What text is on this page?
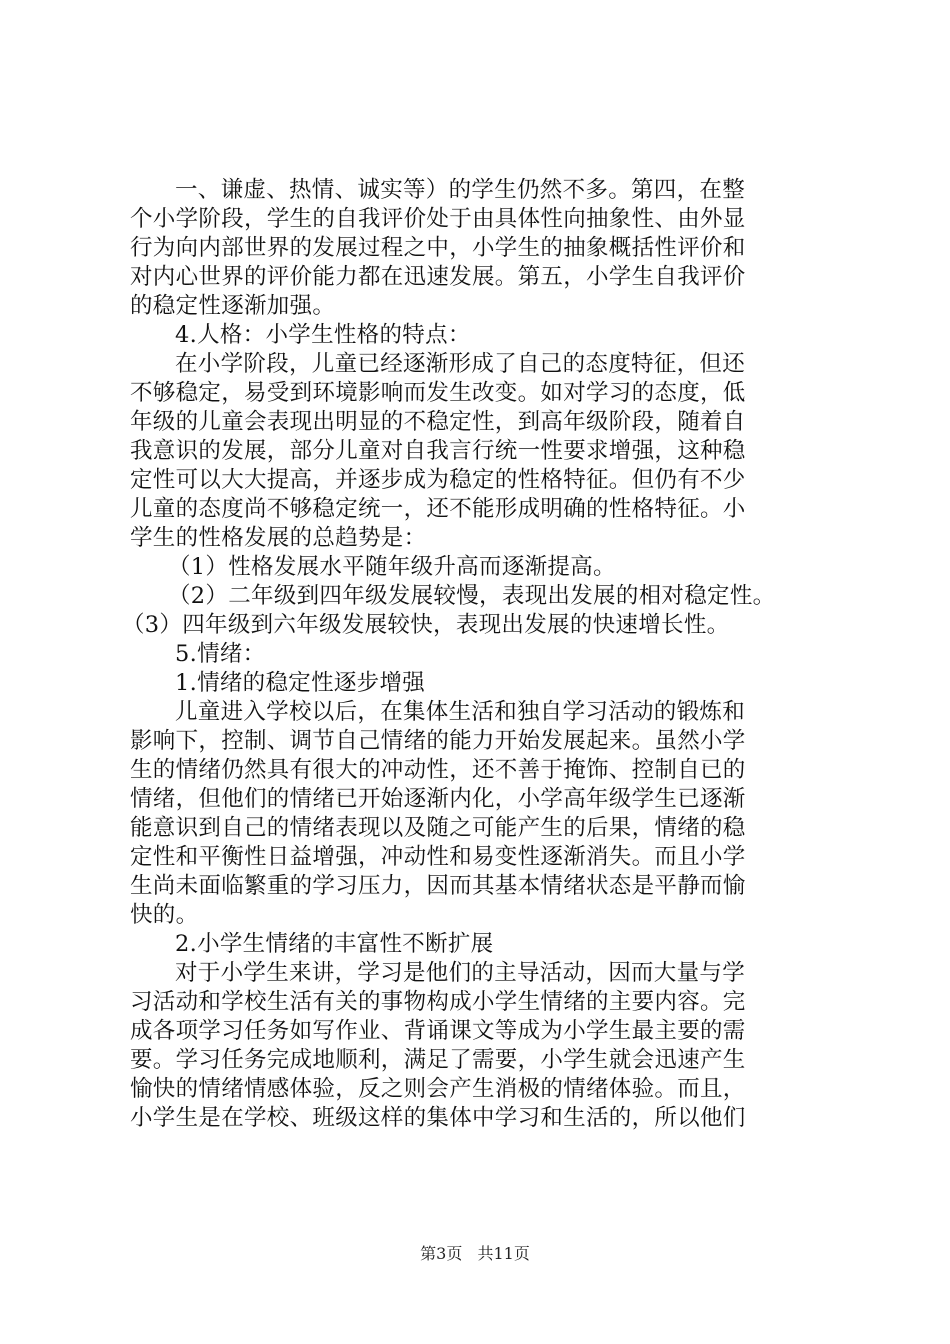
一、谦虚、热情、诚实等）的学生仍然不多。第四，在整
个小学阶段，学生的自我评价处于由具体性向抽象性、由外显
行为向内部世界的发展过程之中，小学生的抽象概括性评价和
对内心世界的评价能力都在迅速发展。第五，小学生自我评价
的稳定性逐渐加强。
4.人格：小学生性格的特点：
在小学阶段，儿童已经逐渐形成了自己的态度特征，但还
不够稳定，易受到环境影响而发生改变。如对学习的态度，低
年级的儿童会表现出明显的不稳定性，到高年级阶段，随着自
我意识的发展，部分儿童对自我言行统一性要求增强，这种稳
定性可以大大提高，并逐步成为稳定的性格特征。但仍有不少
儿童的态度尚不够稳定统一，还不能形成明确的性格特征。小
学生的性格发展的总趋势是：
（1）性格发展水平随年级升高而逐渐提高。
（2）二年级到四年级发展较慢，表现出发展的相对稳定性。
（3）四年级到六年级发展较快，表现出发展的快速增长性。
5.情绪：
1.情绪的稳定性逐步增强
儿童进入学校以后，在集体生活和独自学习活动的锻炼和
影响下，控制、调节自己情绪的能力开始发展起来。虽然小学
生的情绪仍然具有很大的冲动性，还不善于掩饰、控制自已的
情绪，但他们的情绪已开始逐渐内化，小学高年级学生已逐渐
能意识到自己的情绪表现以及随之可能产生的后果，情绪的稳
定性和平衡性日益增强，冲动性和易变性逐渐消失。而且小学
生尚未面临繁重的学习压力，因而其基本情绪状态是平静而愉
快的。
2.小学生情绪的丰富性不断扩展
对于小学生来讲，学习是他们的主导活动，因而大量与学
习活动和学校生活有关的事物构成小学生情绪的主要内容。完
成各项学习任务如写作业、背诵课文等成为小学生最主要的需
要。学习任务完成地顺利，满足了需要，小学生就会迅速产生
愉快的情绪情感体验，反之则会产生消极的情绪体验。而且，
小学生是在学校、班级这样的集体中学习和生活的，所以他们
第3页 共11页
